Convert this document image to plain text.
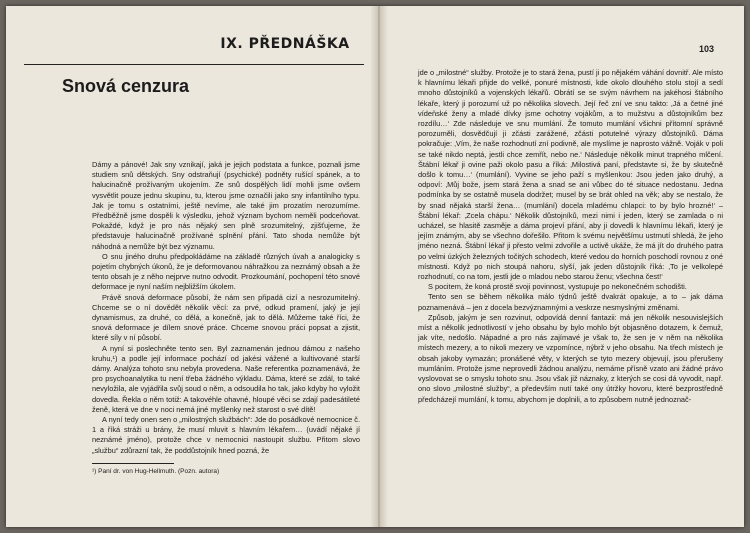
IX. PŘEDNÁŠKA
Snová cenzura

Dámy a pánové! Jak sny vznikají, jaká je jejich podstata a funkce, poznali jsme studiem snů dětských. Sny odstraňují (psychické) podněty rušící spánek, a to halucinačně prožívaným ukojením. Ze snů dospělých lidí mohli jsme ovšem vysvětlit pouze jednu skupinu, tu, kterou jsme označili jako sny infantilního typu. Jak je tomu s ostatními, ještě nevíme, ale také jim prozatím nerozumíme. Předběžně jsme dospěli k výsledku, jehož význam bychom neměli podceňovat. Pokaždé, když je pro nás nějaký sen plně srozumitelný, zjišťujeme, že představuje halucinačně prožívané splnění přání. Tato shoda nemůže být náhodná a nemůže být bez významu.

O snu jiného druhu předpokládáme na základě různých úvah a analogicky s pojetím chybných úkonů, že je deformovanou náhražkou za neznámý obsah a že tento obsah je z něho nejprve nutno odvodit. Prozkoumání, pochopení této snové deformace je nyní naším nejbližším úkolem.

Právě snová deformace působí, že nám sen připadá cizí a nesrozumitelný. Chceme se o ní dovědět několik věcí: za prvé, odkud pramení, jaký je její dynamismus, za druhé, co dělá, a konečně, jak to dělá. Můžeme také říci, že snová deformace je dílem snové práce. Chceme snovou práci popsat a zjistit, které síly v ní působí.

A nyní si poslechněte tento sen. Byl zaznamenán jednou dámou z našeho kruhu,¹) a podle její informace pochází od jakési vážené a kultivované starší dámy. Analýza tohoto snu nebyla provedena. Naše referentka poznamenává, že pro psychoanalytika tu není třeba žádného výkladu. Dáma, které se zdál, to také nevyložila, ale vyjádřila svůj soud o něm, a odsoudila ho tak, jako kdyby ho vyložit dovedla. Řekla o něm totiž: A takovéhle ohavné, hloupé věci se zdají padesátileté ženě, která ve dne v noci nemá jiné myšlenky než starost o své dítě!

A nyní tedy onen sen o „milostných službách“: Jde do posádkové nemocnice č. 1 a říká stráži u brány, že musí mluvit s hlavním lékařem… (uvádí nějaké jí neznámé jméno), protože chce v nemocnici nastoupit službu. Přitom slovo „službu“ zdůrazní tak, že poddůstojník hned pozná, že

¹) Paní dr. von Hug-Hellmuth. (Pozn. autora)
103

jde o „milostné“ služby. Protože je to stará žena, pustí ji po nějakém váhání dovnitř. Ale místo k hlavnímu lékaři přijde do velké, ponuré místnosti, kde okolo dlouhého stolu stojí a sedí mnoho důstojníků a vojenských lékařů. Obrátí se se svým návrhem na jakéhosi štábního lékaře, který ji porozumí už po několika slovech. Její řeč zní ve snu takto: ‚Já a četné jiné vídeňské ženy a mladé dívky jsme ochotny vojákům, a to mužstvu a důstojníkům bez rozdílu…‘ Zde následuje ve snu mumlání. Že tomuto mumlání všichni přítomní správně porozuměli, dosvědčují ji zčásti zarážené, zčásti potutelné výrazy důstojníků. Dáma pokračuje: ‚Vím, že naše rozhodnutí zní podivně, ale myslíme je naprosto vážně. Voják v poli se také nikdo neptá, jestli chce zemřít, nebo ne.‘ Následuje několik minut trapného mlčení. Štábní lékař ji ovine paži okolo pasu a říká: ‚Milostivá paní, představte si, že by skutečně došlo k tomu…‘ (mumlání). Vyvine se jeho paží s myšlenkou: Jsou jeden jako druhý, a odpoví: ‚Můj bože, jsem stará žena a snad se ani vůbec do té situace nedostanu. Jedna podmínka by se ostatně musela dodržet; musel by se brát ohled na věk; aby se nestalo, že by snad nějaká starší žena… (mumlání) docela mladému chlapci: to by bylo hrozné!‘ – Štábní lékař: ‚Zcela chápu.‘ Několik důstojníků, mezi nimi i jeden, který se zamlada o ni ucházel, se hlasitě zasměje a dáma projeví přání, aby ji dovedli k hlavnímu lékaři, který je jejím známým, aby se všechno dořešilo. Přitom k svému největšímu ustrnutí shledá, že jeho jméno nezná. Štábní lékař ji přesto velmi zdvořile a uctivě ukáže, že má jít do druhého patra po velmi úzkých železných točitých schodech, které vedou do horních poschodí rovnou z oné místnosti. Když po nich stoupá nahoru, slyší, jak jeden důstojník říká: ‚To je velkolepé rozhodnutí, co na tom, jestli jde o mladou nebo starou ženu; všechna čest!‘

S pocitem, že koná prostě svoji povinnost, vystupuje po nekonečném schodišti.

Tento sen se během několika málo týdnů ještě dvakrát opakuje, a to – jak dáma poznamenává – jen z docela bezvýznamnými a veskrze nesmyslnými změnami.

Způsob, jakým je sen rozvinut, odpovídá denní fantazii: má jen několik nesouvislejších míst a několik jednotlivostí v jeho obsahu by bylo mohlo být objasněno dotazem, k čemuž, jak víte, nedošlo. Nápadné a pro nás zajímavé je však to, že sen je v něm na několika místech mezery, a to nikoli mezery ve vzpomínce, nýbrž v jeho obsahu. Na třech místech je obsah jakoby vymazán; pronášené věty, v kterých se tyto mezery objevují, jsou přerušeny mumláním. Protože jsme neprovedli žádnou analýzu, nemáme přísně vzato ani žádné právo vyslovovat se o smyslu tohoto snu. Jsou však již náznaky, z kterých se cosi dá vyvodit, např. ono slovo „milostné služby“, a především nutí také ony útržky hovoru, které bezprostředně předcházejí mumlání, k tomu, abychom je doplnili, a to způsobem nutně jednoznač-
